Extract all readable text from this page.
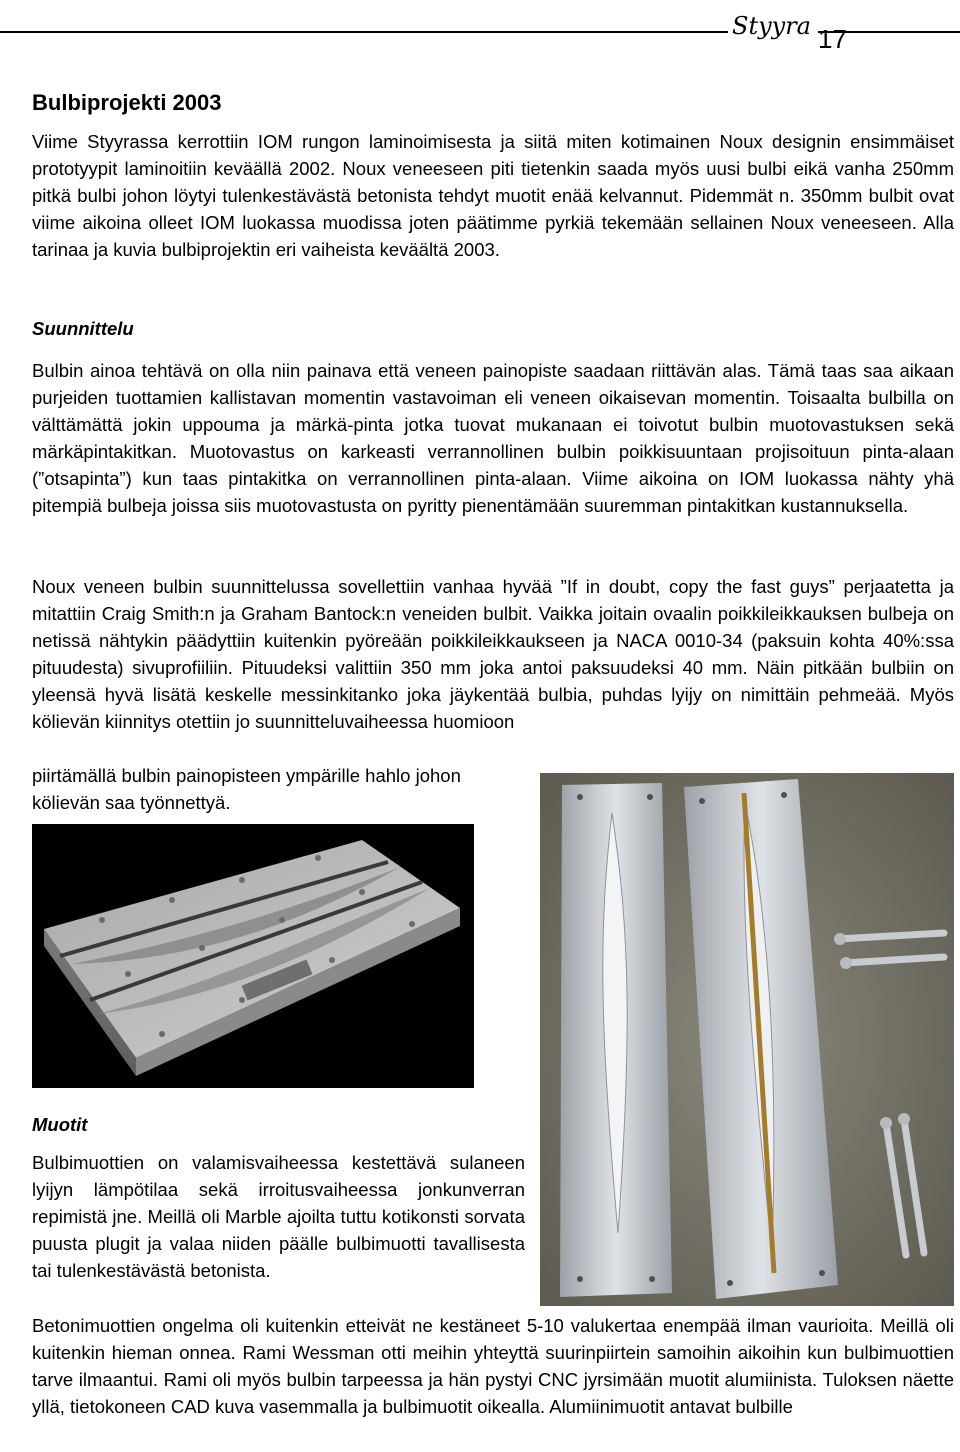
Styyra 17
Bulbiprojekti 2003

Viime Styyrassa kerrottiin IOM rungon laminoimisesta ja siitä miten kotimainen Noux designin ensimmäiset prototyypit laminoitiin keväällä 2002. Noux veneeseen piti tietenkin saada myös uusi bulbi eikä vanha 250mm pitkä bulbi johon löytyi tulenkestävästä betonista tehdyt muotit enää kelvannut. Pidemmät n. 350mm bulbit ovat viime aikoina olleet IOM luokassa muodissa joten päätimme pyrkiä tekemään sellainen Noux veneeseen. Alla tarinaa ja kuvia bulbiprojektin eri vaiheista keväältä 2003.

Suunnittelu

Bulbin ainoa tehtävä on olla niin painava että veneen painopiste saadaan riittävän alas. Tämä taas saa aikaan purjeiden tuottamien kallistavan momentin vastavoiman eli veneen oikaisevan momentin. Toisaalta bulbilla on välttämättä jokin uppouma ja märkä-pinta jotka tuovat mukanaan ei toivotut bulbin muotovastuksen sekä märkäpintakitkan. Muotovastus on karkeasti verrannollinen bulbin poikkisuuntaan projisoituun pinta-alaan (”otsapinta”) kun taas pintakitka on verrannollinen pinta-alaan. Viime aikoina on IOM luokassa nähty yhä pitempiä bulbeja joissa siis muotovastusta on pyritty pienentämään suuremman pintakitkan kustannuksella.

Noux veneen bulbin suunnittelussa sovellettiin vanhaa hyvää ”If in doubt, copy the fast guys” perjaatetta ja mitattiin Craig Smith:n ja Graham Bantock:n veneiden bulbit. Vaikka joitain ovaalin poikkileikkauksen bulbeja on netissä nähtykin päädyttiin kuitenkin pyöreään poikkileikkaukseen ja NACA 0010-34 (paksuin kohta 40%:ssa pituudesta) sivuprofiiliin. Pituudeksi valittiin 350 mm joka antoi paksuudeksi 40 mm. Näin pitkään bulbiin on yleensä hyvä lisätä keskelle messinkitanko joka jäykentää bulbia, puhdas lyijy on nimittäin pehmeää. Myös kölievän kiinnitys otettiin jo suunnitteluvaiheessa huomioon

piirtämällä bulbin painopisteen ympärille hahlo johon kölievän saa työnnettyä.

Muotit

Bulbimuottien on valamisvaiheessa kestettävä sulaneen lyijyn lämpötilaa sekä irroitusvaiheessa jonkunverran repimistä jne. Meillä oli Marble ajoilta tuttu kotikonsti sorvata puusta plugit ja valaa niiden päälle bulbimuotti tavallisesta tai tulenkestävästä betonista.

Betonimuottien ongelma oli kuitenkin etteivät ne kestäneet 5-10 valukertaa enempää ilman vaurioita. Meillä oli kuitenkin hieman onnea. Rami Wessman otti meihin yhteyttä suurinpiirtein samoihin aikoihin kun bulbimuottien tarve ilmaantui. Rami oli myös bulbin tarpeessa ja hän pystyi CNC jyrsimään muotit alumiinista. Tuloksen näette yllä, tietokoneen CAD kuva vasemmalla ja bulbimuotit oikealla. Alumiinimuotit antavat bulbille
